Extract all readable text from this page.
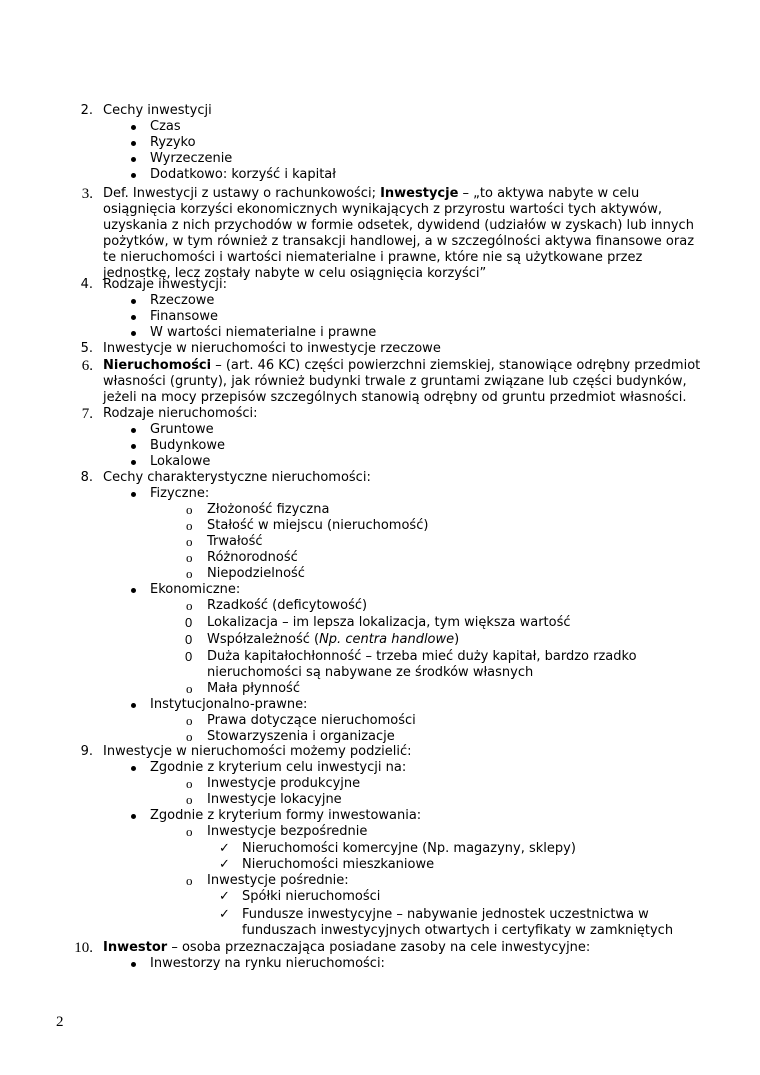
2. Cechy inwestycji
Czas
Ryzyko
Wyrzeczenie
Dodatkowo: korzyść i kapitał
3. Def. Inwestycji z ustawy o rachunkowości; Inwestycje – „to aktywa nabyte w celu
osiągnięcia korzyści ekonomicznych wynikających z przyrostu wartości tych aktywów,
uzyskania z nich przychodów w formie odsetek, dywidend (udziałów w zyskach) lub innych
pożytków, w tym również z transakcji handlowej, a w szczególności aktywa finansowe oraz
te nieruchomości i wartości niematerialne i prawne, które nie są użytkowane przez
jednostkę, lecz zostały nabyte w celu osiągnięcia korzyści”
4. Rodzaje inwestycji:
Rzeczowe
Finansowe
W wartości niematerialne i prawne
5. Inwestycje w nieruchomości to inwestycje rzeczowe
6. Nieruchomości – (art. 46 KC) części powierzchni ziemskiej, stanowiące odrębny przedmiot
własności (grunty), jak również budynki trwale z gruntami związane lub części budynków,
jeżeli na mocy przepisów szczególnych stanowią odrębny od gruntu przedmiot własności.
7. Rodzaje nieruchomości:
Gruntowe
Budynkowe
Lokalowe
8. Cechy charakterystyczne nieruchomości:
Fizyczne:
o Złożoność fizyczna
o Stałość w miejscu (nieruchomość)
o Trwałość
o Różnorodność
o Niepodzielność
Ekonomiczne:
o Rzadkość (deficytowość)
0 Lokalizacja – im lepsza lokalizacja, tym większa wartość
0 Współzależność (Np. centra handlowe)
0 Duża kapitałochłonność – trzeba mieć duży kapitał, bardzo rzadko
nieruchomości są nabywane ze środków własnych
o Mała płynność
Instytucjonalno-prawne:
o Prawa dotyczące nieruchomości
o Stowarzyszenia i organizacje
9. Inwestycje w nieruchomości możemy podzielić:
Zgodnie z kryterium celu inwestycji na:
o Inwestycje produkcyjne
o Inwestycje lokacyjne
Zgodnie z kryterium formy inwestowania:
o Inwestycje bezpośrednie
✓ Nieruchomości komercyjne (Np. magazyny, sklepy)
✓ Nieruchomości mieszkaniowe
o Inwestycje pośrednie:
✓ Spółki nieruchomości
✓ Fundusze inwestycyjne – nabywanie jednostek uczestnictwa w
funduszach inwestycyjnych otwartych i certyfikaty w zamkniętych
10. Inwestor – osoba przeznaczająca posiadane zasoby na cele inwestycyjne:
Inwestorzy na rynku nieruchomości:
2
